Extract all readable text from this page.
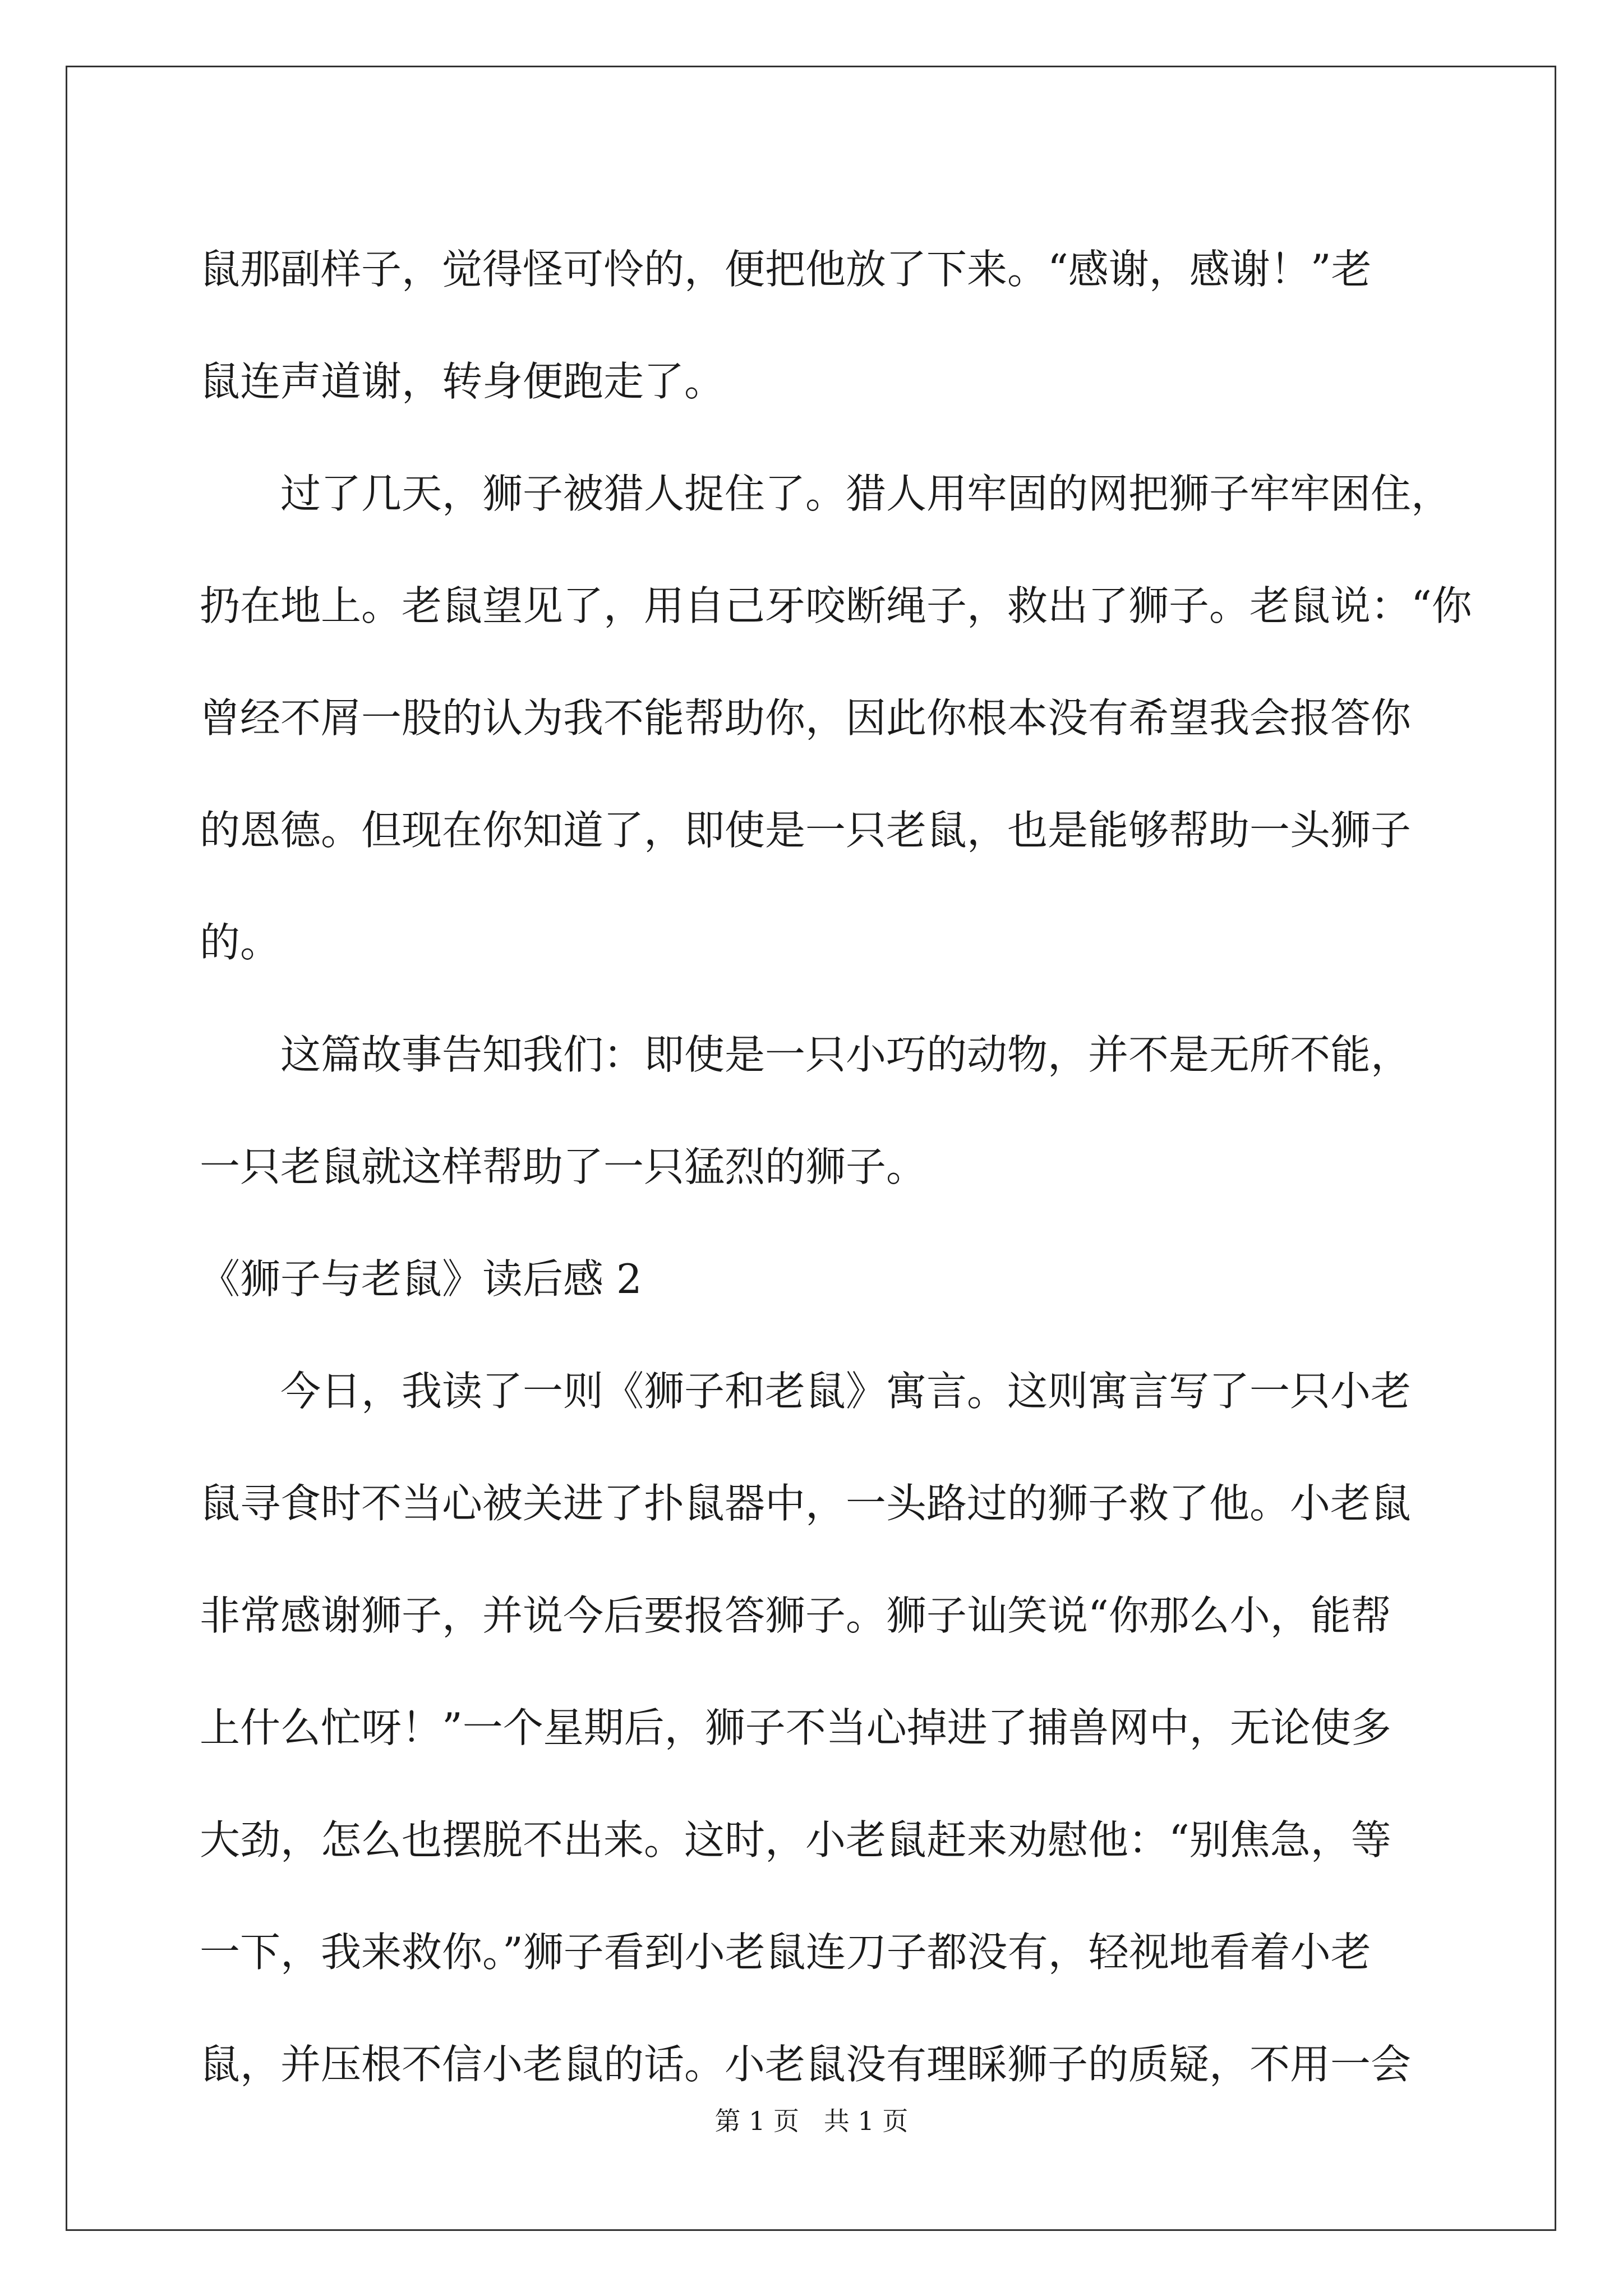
鼠那副样子，觉得怪可怜的，便把他放了下来。“感谢，感谢！”老
鼠连声道谢，转身便跑走了。

过了几天，狮子被猎人捉住了。猎人用牢固的网把狮子牢牢困住，
扔在地上。老鼠望见了，用自己牙咬断绳子，救出了狮子。老鼠说：“你
曾经不屑一股的认为我不能帮助你，因此你根本没有希望我会报答你
的恩德。但现在你知道了，即使是一只老鼠，也是能够帮助一头狮子
的。

这篇故事告知我们：即使是一只小巧的动物，并不是无所不能，
一只老鼠就这样帮助了一只猛烈的狮子。

《狮子与老鼠》读后感 2

今日，我读了一则《狮子和老鼠》寓言。这则寓言写了一只小老
鼠寻食时不当心被关进了扑鼠器中，一头路过的狮子救了他。小老鼠
非常感谢狮子，并说今后要报答狮子。狮子讪笑说“你那么小，能帮
上什么忙呀！”一个星期后，狮子不当心掉进了捕兽网中，无论使多
大劲，怎么也摆脱不出来。这时，小老鼠赶来劝慰他：“别焦急，等
一下，我来救你。”狮子看到小老鼠连刀子都没有，轻视地看着小老
鼠，并压根不信小老鼠的话。小老鼠没有理睬狮子的质疑，不用一会

第 1 页   共 1 页
